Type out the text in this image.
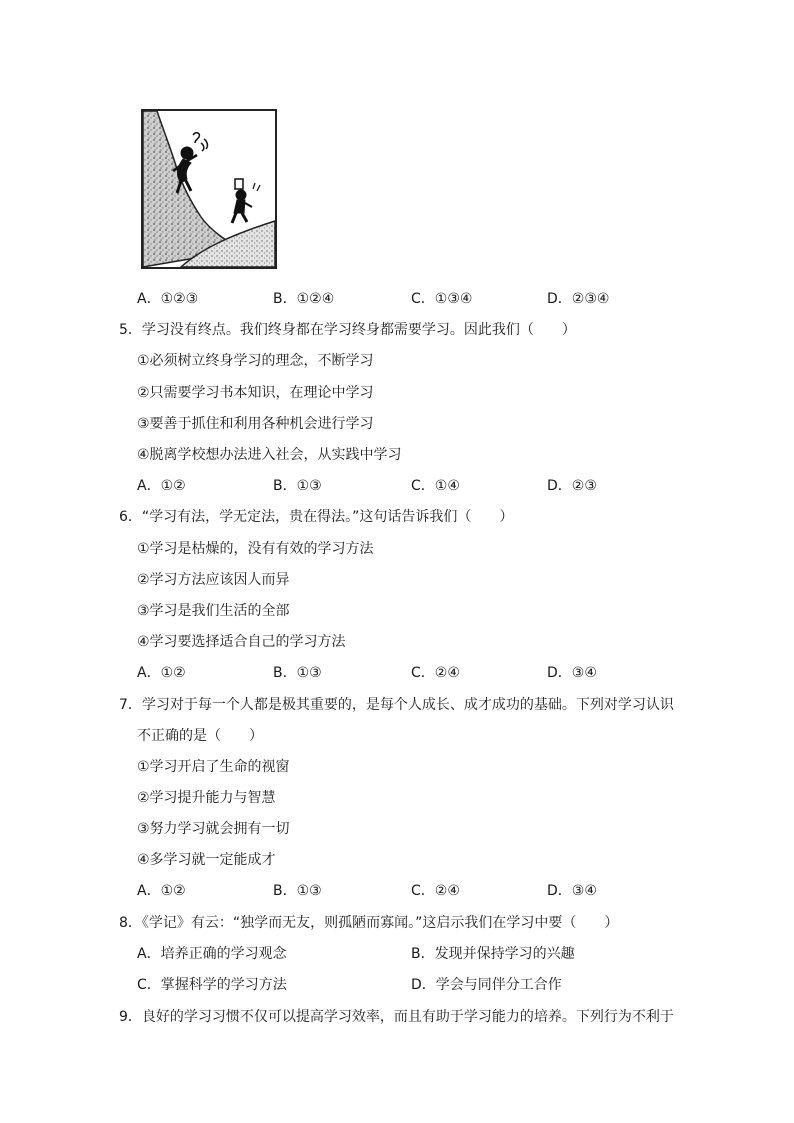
A．①②③	B．①②④	C．①③④	D．②③④
5．学习没有终点。我们终身都在学习终身都需要学习。因此我们（　　）
①必须树立终身学习的理念，不断学习
②只需要学习书本知识，在理论中学习
③要善于抓住和利用各种机会进行学习
④脱离学校想办法进入社会，从实践中学习
A．①②	B．①③	C．①④	D．②③
6．“学习有法，学无定法，贵在得法。”这句话告诉我们（　　）
①学习是枯燥的，没有有效的学习方法
②学习方法应该因人而异
③学习是我们生活的全部
④学习要选择适合自己的学习方法
A．①②	B．①③	C．②④	D．③④
7．学习对于每一个人都是极其重要的，是每个人成长、成才成功的基础。下列对学习认识
不正确的是（　　）
①学习开启了生命的视窗
②学习提升能力与智慧
③努力学习就会拥有一切
④多学习就一定能成才
A．①②	B．①③	C．②④	D．③④
8．《学记》有云：“独学而无友，则孤陋而寡闻。”这启示我们在学习中要（　　）
A．培养正确的学习观念	B．发现并保持学习的兴趣
C．掌握科学的学习方法	D．学会与同伴分工合作
9．良好的学习习惯不仅可以提高学习效率，而且有助于学习能力的培养。下列行为不利于
